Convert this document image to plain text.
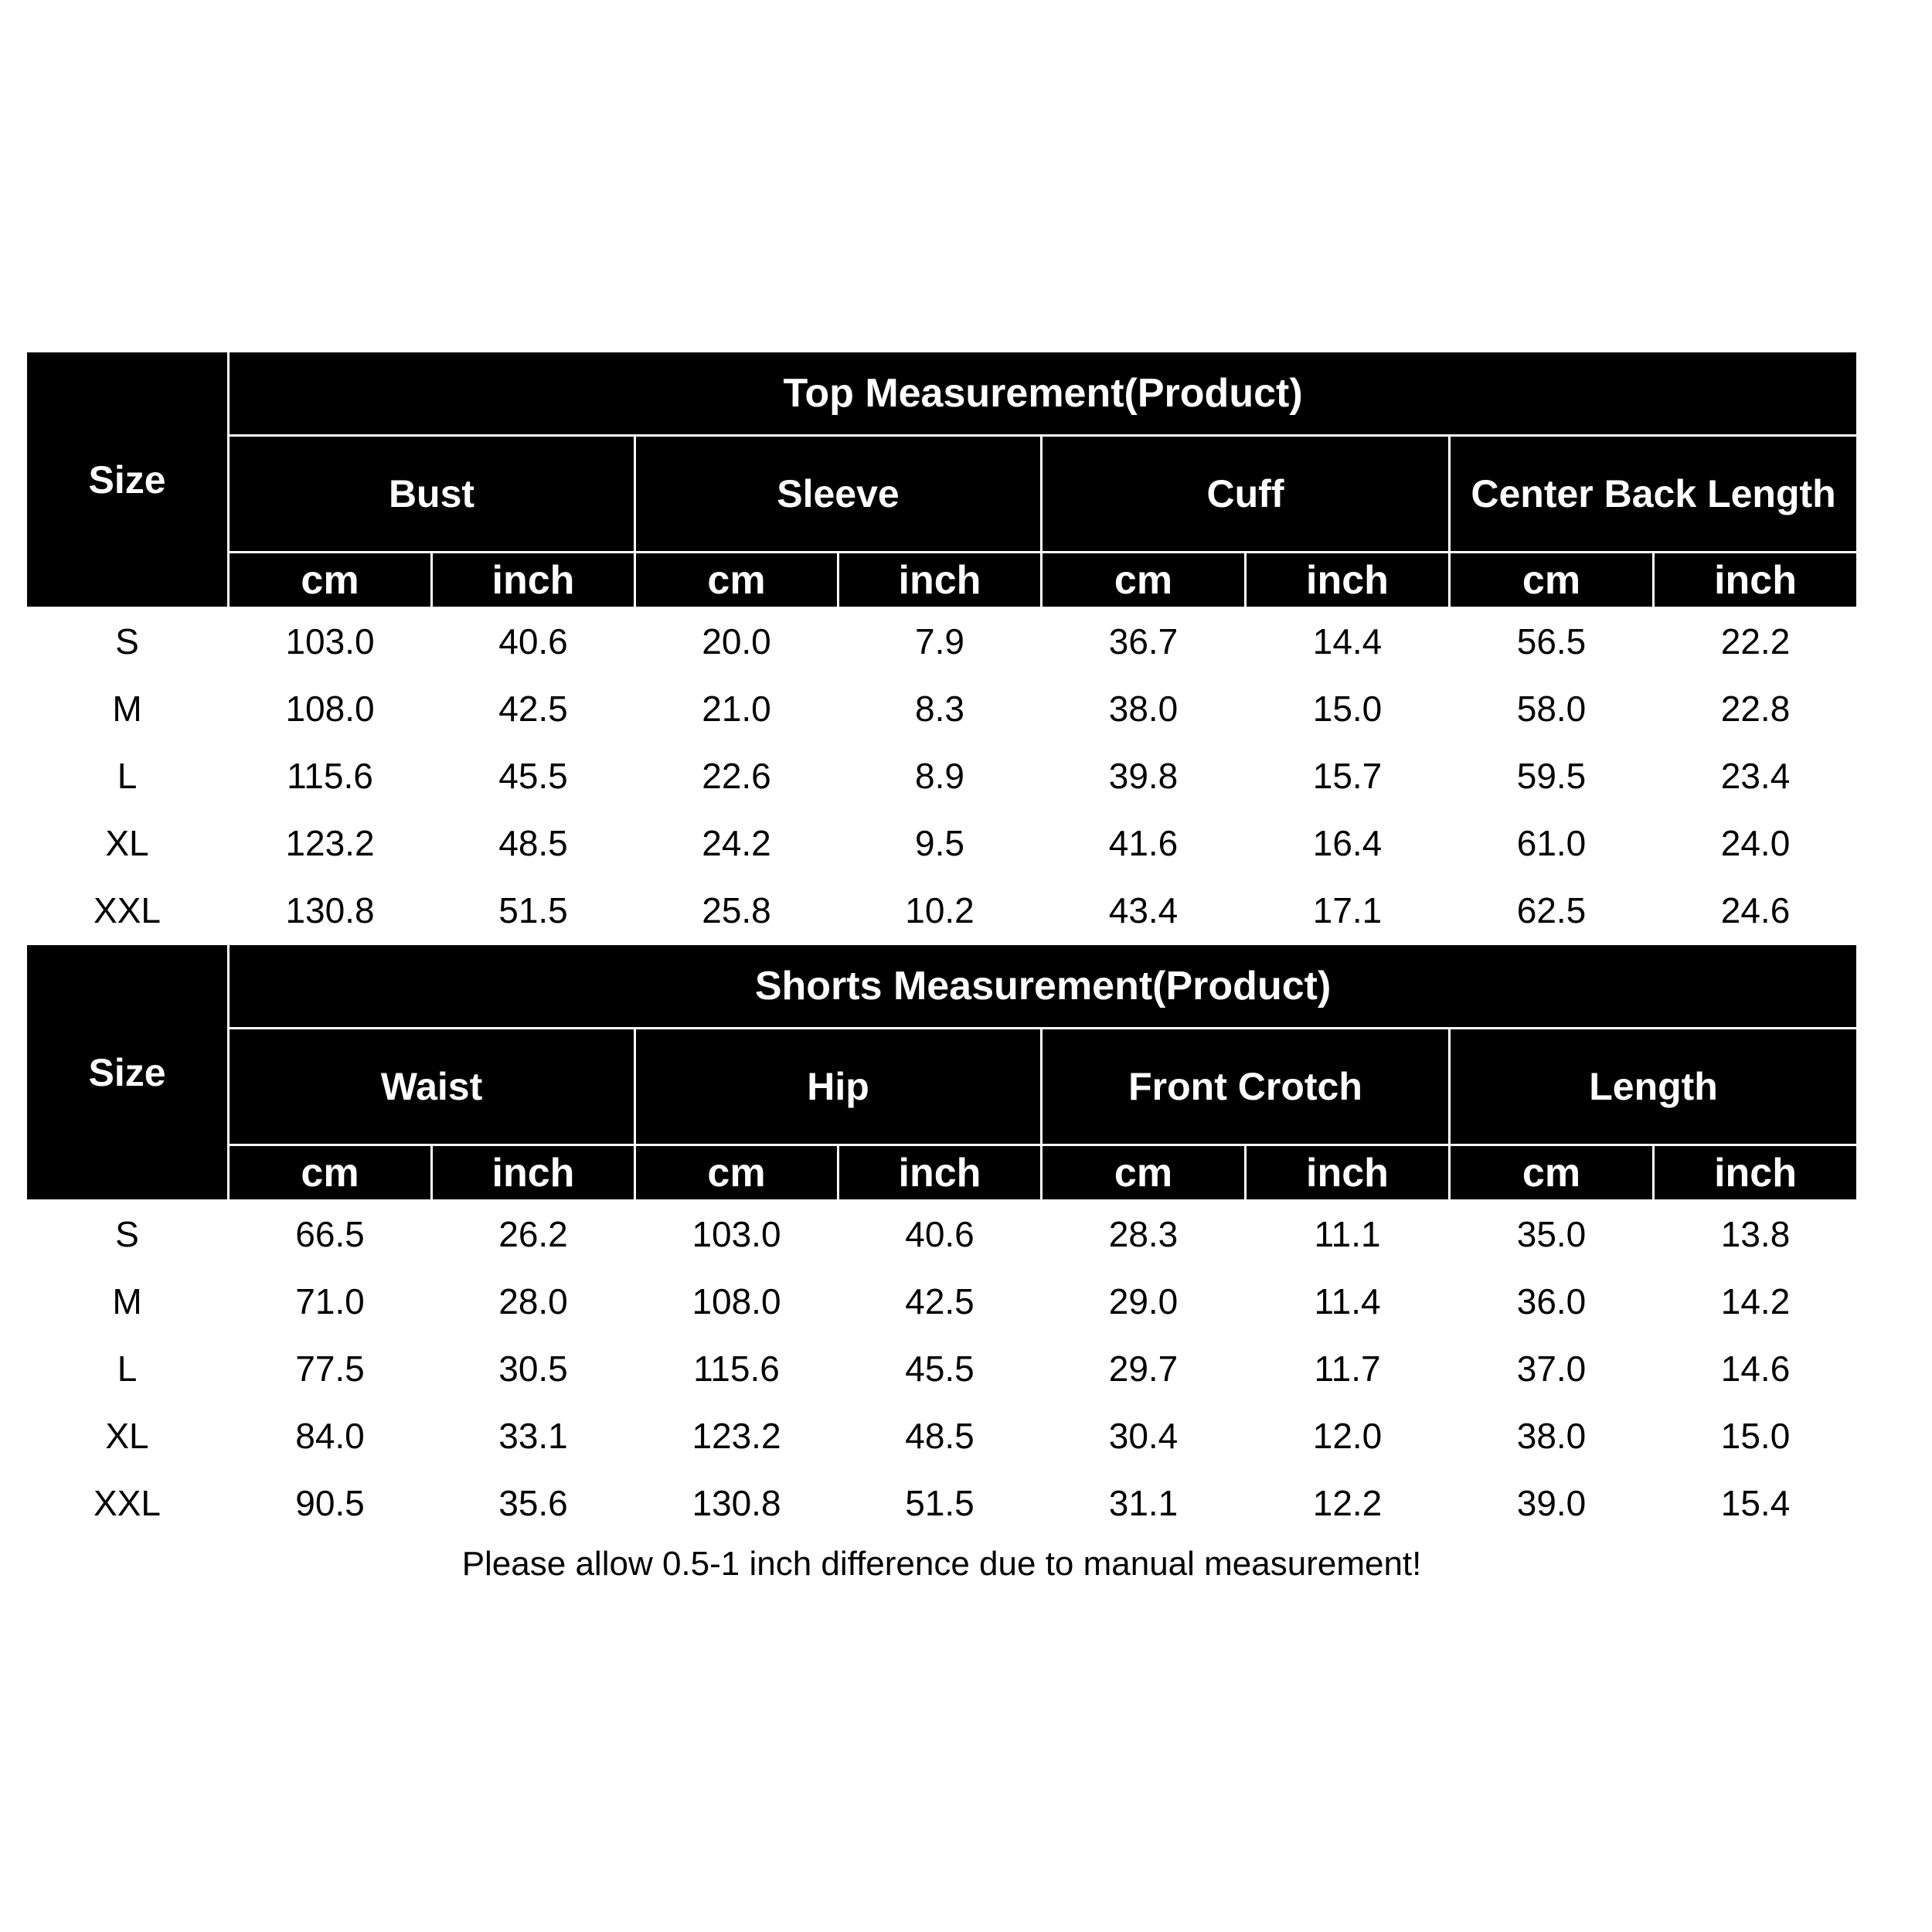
Size	Top Measurement(Product)							
	Bust		Sleeve		Cuff		Center Back Length	
	cm	inch	cm	inch	cm	inch	cm	inch
S	103.0	40.6	20.0	7.9	36.7	14.4	56.5	22.2
M	108.0	42.5	21.0	8.3	38.0	15.0	58.0	22.8
L	115.6	45.5	22.6	8.9	39.8	15.7	59.5	23.4
XL	123.2	48.5	24.2	9.5	41.6	16.4	61.0	24.0
XXL	130.8	51.5	25.8	10.2	43.4	17.1	62.5	24.6
Size	Shorts Measurement(Product)							
	Waist		Hip		Front Crotch		Length	
	cm	inch	cm	inch	cm	inch	cm	inch
S	66.5	26.2	103.0	40.6	28.3	11.1	35.0	13.8
M	71.0	28.0	108.0	42.5	29.0	11.4	36.0	14.2
L	77.5	30.5	115.6	45.5	29.7	11.7	37.0	14.6
XL	84.0	33.1	123.2	48.5	30.4	12.0	38.0	15.0
XXL	90.5	35.6	130.8	51.5	31.1	12.2	39.0	15.4
Please allow 0.5-1 inch difference due to manual measurement!								
